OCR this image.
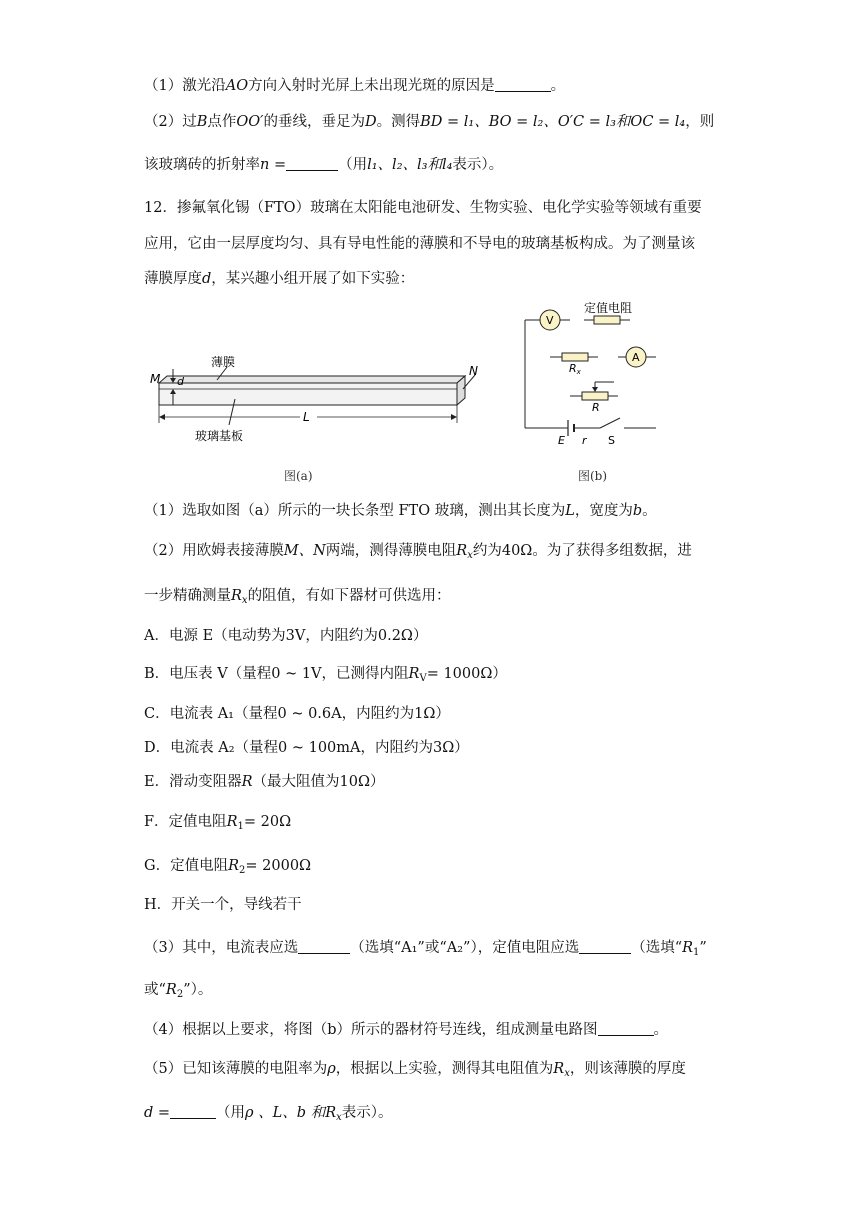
（1）激光沿AO方向入射时光屏上未出现光斑的原因是	。
（2）过B点作OO′的垂线，垂足为D。测得BD = l₁、BO = l₂、O′C = l₃和OC = l₄，则
该玻璃砖的折射率n =	（用l₁、l₂、l₃和l₄表示）。
12．掺氟氧化锡（FTO）玻璃在太阳能电池研发、生物实验、电化学实验等领域有重要
应用，它由一层厚度均匀、具有导电性能的薄膜和不导电的玻璃基板构成。为了测量该
薄膜厚度d，某兴趣小组开展了如下实验：
薄膜
M d
N
L
玻璃基板
图(a)
V
定值电阻
Rx
A
R
E r S
图(b)
（1）选取如图（a）所示的一块长条型 FTO 玻璃，测出其长度为L，宽度为b。
（2）用欧姆表接薄膜M、N两端，测得薄膜电阻$R_x$约为40Ω。为了获得多组数据，进
一步精确测量$R_x$的阻值，有如下器材可供选用：
A．电源 E（电动势为3V，内阻约为0.2Ω）
B．电压表 V（量程0 ~ 1V，已测得内阻$R_V= 1000\Omega$）
C．电流表 A₁（量程0 ~ 0.6A，内阻约为1Ω）
D．电流表 A₂（量程0 ~ 100mA，内阻约为3Ω）
E．滑动变阻器R（最大阻值为10Ω）
F．定值电阻$R_1= 20\Omega$
G．定值电阻$R_2= 2000\Omega$
H．开关一个，导线若干
（3）其中，电流表应选	（选填“A₁”或“A₂”），定值电阻应选	（选填“$R_1$”
或“$R_2$”）。
（4）根据以上要求，将图（b）所示的器材符号连线，组成测量电路图	。
（5）已知该薄膜的电阻率为ρ，根据以上实验，测得其电阻值为$R_x$，则该薄膜的厚度
d =	（用ρ 、L、b 和$R_x$表示）。
